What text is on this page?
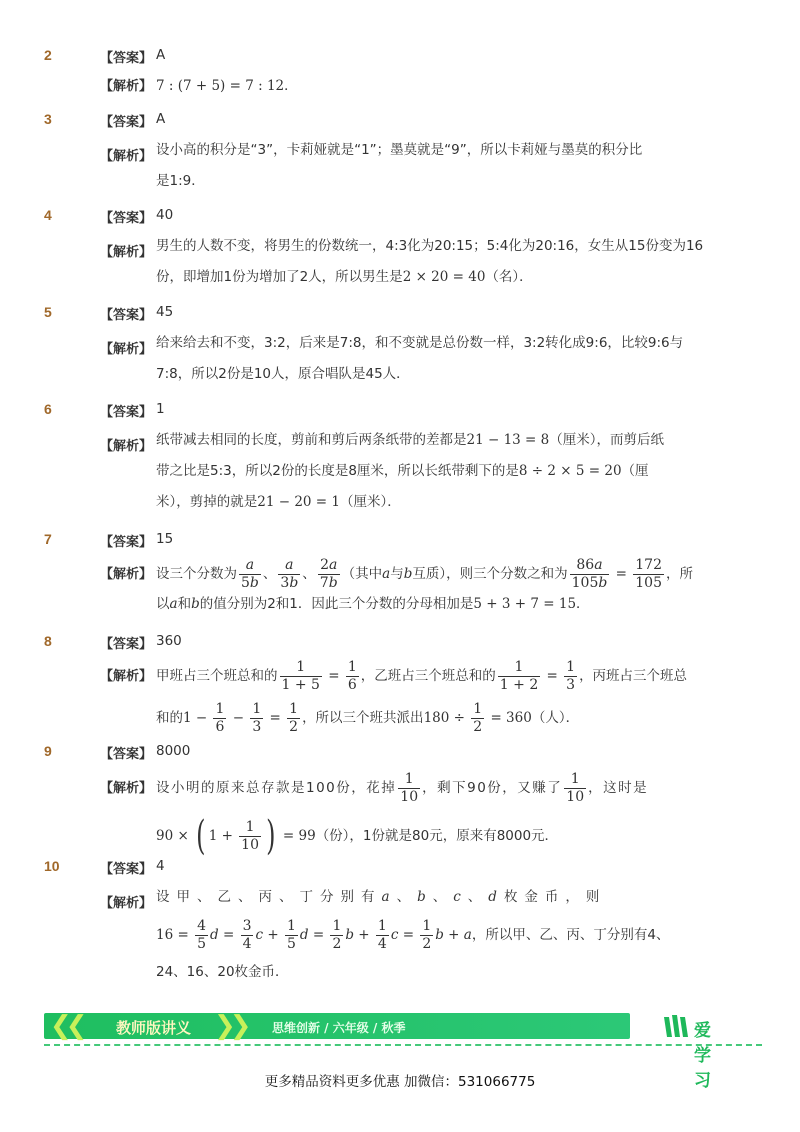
2	【答案】 A
【解析】 7 : (7 + 5) = 7 : 12 ．
3	【答案】 A
【解析】 设小高的积分是“3”，卡莉娅就是“1”；墨莫就是“9”，所以卡莉娅与墨莫的积分比
是1:9．
4	【答案】 40
【解析】 男生的人数不变，将男生的份数统一，4:3化为20:15；5:4化为20:16，女生从15份变为16
份，即增加1份为增加了2人，所以男生是 2 × 20 = 40 （名）．
5	【答案】 45
【解析】 给来给去和不变，3:2，后来是7:8，和不变就是总份数一样，3:2转化成9:6，比较9:6与
7:8，所以2份是10人，原合唱队是45人．
6	【答案】 1
【解析】 纸带减去相同的长度，剪前和剪后两条纸带的差都是 21 − 13 = 8 （厘米），而剪后纸
带之比是5:3，所以2份的长度是8厘米，所以长纸带剩下的是 8 ÷ 2 × 5 = 20 （厘
米），剪掉的就是 21 − 20 = 1 （厘米）．
7	【答案】 15
【解析】 设三个分数为 $\frac{a}{5b}$ 、 $\frac{a}{3b}$ 、 $\frac{2a}{7b}$ （其中 a 与 b 互质），则三个分数之和为 $\frac{86a}{105b} = \frac{172}{105}$ ，所
以 a 和 b 的值分别为2和1．因此三个分数的分母相加是 5 + 3 + 7 = 15 ．
8	【答案】 360
【解析】 甲班占三个班总和的 $\frac{1}{1 + 5} = \frac{1}{6}$ ，乙班占三个班总和的 $\frac{1}{1 + 2} = \frac{1}{3}$ ，丙班占三个班总
和的 $1 - \frac{1}{6} - \frac{1}{3} = \frac{1}{2}$ ，所以三个班共派出 $180 \div \frac{1}{2} = 360$ （人）．
9	【答案】 8000
【解析】 设小明的原来总存款是100份，花掉 $\frac{1}{10}$ ，剩下90份，又赚了 $\frac{1}{10}$ ，这时是
90 × ( $1 + \frac{1}{10}$ ) = 99 （份），1份就是80元，原来有8000元．
10	【答案】 4
【解析】 设甲、乙、丙、丁分别有 a 、 b 、 c 、 d 枚金币，则
$16 = \frac{4}{5}$ $d = \frac{3}{4}$ $c + \frac{1}{5}$ $d = \frac{1}{2}$ $b + \frac{1}{4}$ $c = \frac{1}{2}$ b + a ，所以甲、乙、丙、丁分别有4、
24、16、20枚金币．
❮❮ 教师版讲义 ❯❯ 思维创新 / 六年级 / 秋季	爱学习
更多精品资料更多优惠 加微信：531066775
